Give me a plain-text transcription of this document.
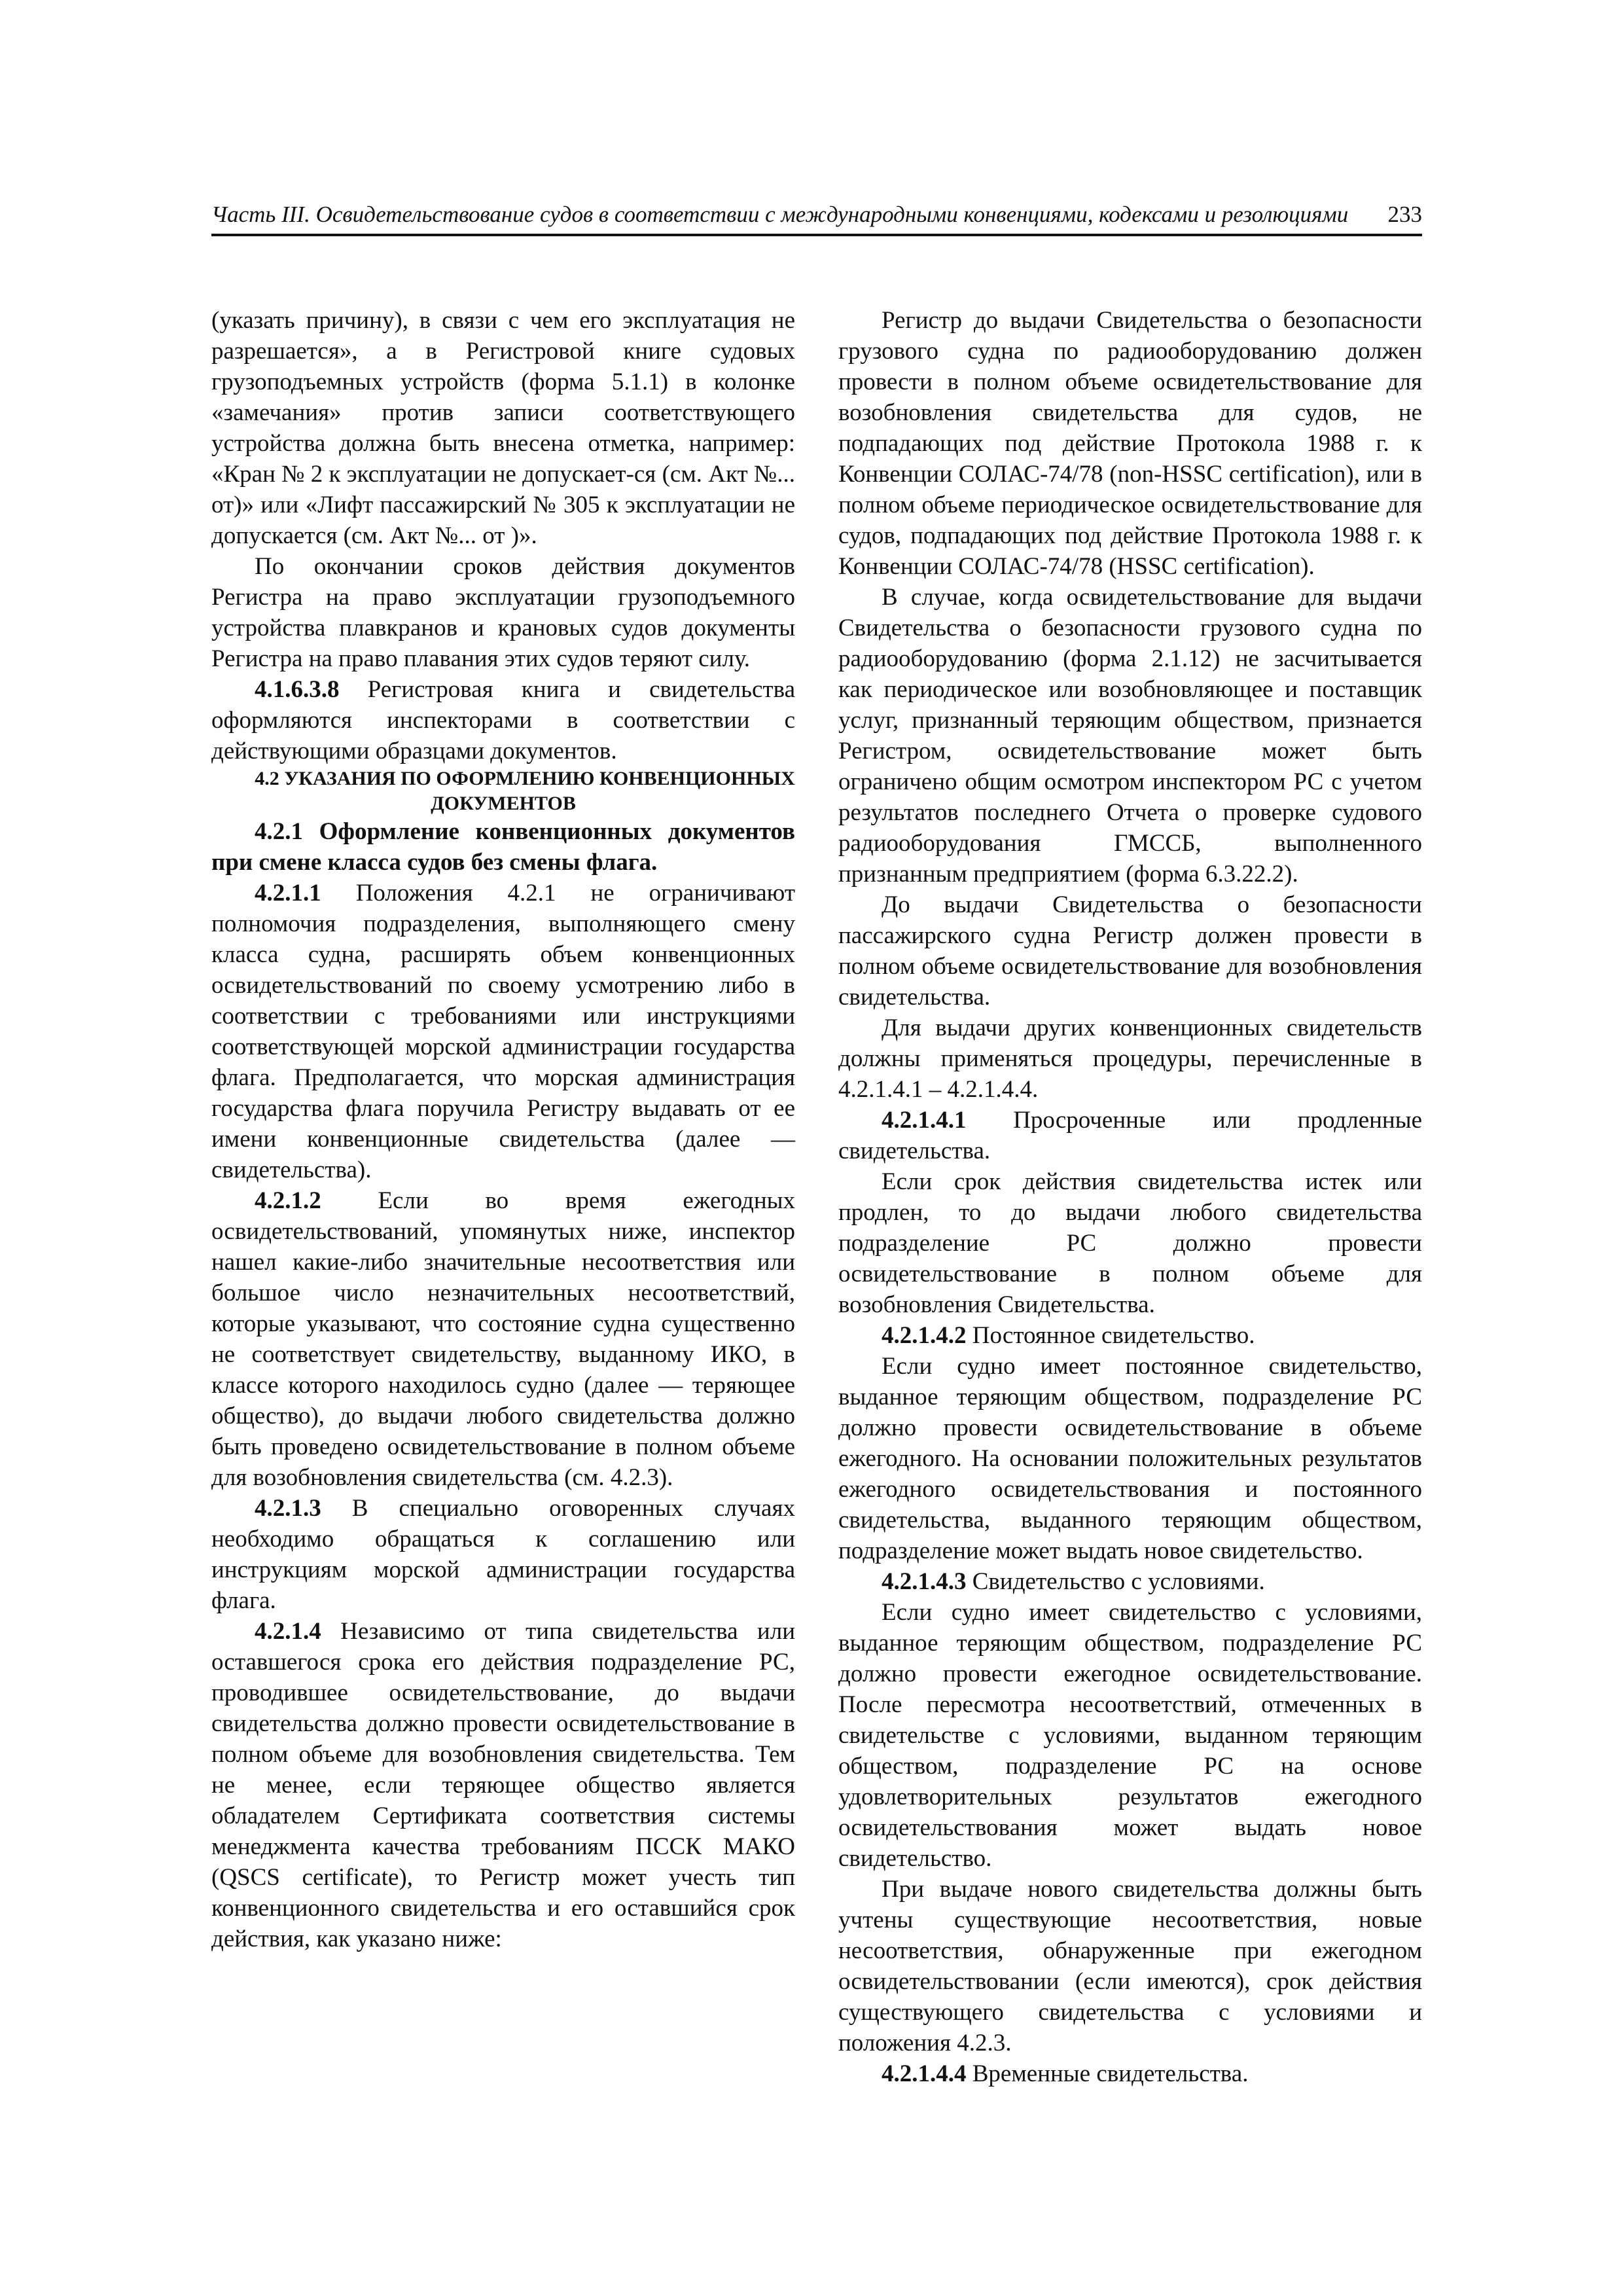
Часть III. Освидетельствование судов в соответствии с международными конвенциями, кодексами и резолюциями 233

(указать причину), в связи с чем его эксплуатация не разрешается», а в Регистровой книге судовых грузоподъемных устройств (форма 5.1.1) в колонке «замечания» против записи соответствующего устройства должна быть внесена отметка, например: «Кран № 2 к эксплуатации не допускает-ся (см. Акт №... от)» или «Лифт пассажирский № 305 к эксплуатации не допускается (см. Акт №... от )».

По окончании сроков действия документов Регистра на право эксплуатации грузоподъемного устройства плавкранов и крановых судов документы Регистра на право плавания этих судов теряют силу.

4.1.6.3.8 Регистровая книга и свидетельства оформляются инспекторами в соответствии с действующими образцами документов.

4.2 УКАЗАНИЯ ПО ОФОРМЛЕНИЮ КОНВЕНЦИОННЫХ ДОКУМЕНТОВ

4.2.1 Оформление конвенционных документов при смене класса судов без смены флага.

4.2.1.1 Положения 4.2.1 не ограничивают полномочия подразделения, выполняющего смену класса судна, расширять объем конвенционных освидетельствований по своему усмотрению либо в соответствии с требованиями или инструкциями соответствующей морской администрации государства флага. Предполагается, что морская администрация государства флага поручила Регистру выдавать от ее имени конвенционные свидетельства (далее — свидетельства).

4.2.1.2 Если во время ежегодных освидетельствований, упомянутых ниже, инспектор нашел какие-либо значительные несоответствия или большое число незначительных несоответствий, которые указывают, что состояние судна существенно не соответствует свидетельству, выданному ИКО, в классе которого находилось судно (далее — теряющее общество), до выдачи любого свидетельства должно быть проведено освидетельствование в полном объеме для возобновления свидетельства (см. 4.2.3).

4.2.1.3 В специально оговоренных случаях необходимо обращаться к соглашению или инструкциям морской администрации государства флага.

4.2.1.4 Независимо от типа свидетельства или оставшегося срока его действия подразделение РС, проводившее освидетельствование, до выдачи свидетельства должно провести освидетельствование в полном объеме для возобновления свидетельства. Тем не менее, если теряющее общество является обладателем Сертификата соответствия системы менеджмента качества требованиям ПССК МАКО (QSCS certificate), то Регистр может учесть тип конвенционного свидетельства и его оставшийся срок действия, как указано ниже:

Регистр до выдачи Свидетельства о безопасности грузового судна по радиооборудованию должен провести в полном объеме освидетельствование для возобновления свидетельства для судов, не подпадающих под действие Протокола 1988 г. к Конвенции СОЛАС-74/78 (non-HSSC certification), или в полном объеме периодическое освидетельствование для судов, подпадающих под действие Протокола 1988 г. к Конвенции СОЛАС-74/78 (HSSC certification).

В случае, когда освидетельствование для выдачи Свидетельства о безопасности грузового судна по радиооборудованию (форма 2.1.12) не засчитывается как периодическое или возобновляющее и поставщик услуг, признанный теряющим обществом, признается Регистром, освидетельствование может быть ограничено общим осмотром инспектором РС с учетом результатов последнего Отчета о проверке судового радиооборудования ГМССБ, выполненного признанным предприятием (форма 6.3.22.2).

До выдачи Свидетельства о безопасности пассажирского судна Регистр должен провести в полном объеме освидетельствование для возобновления свидетельства.

Для выдачи других конвенционных свидетельств должны применяться процедуры, перечисленные в 4.2.1.4.1 – 4.2.1.4.4.

4.2.1.4.1 Просроченные или продленные свидетельства.

Если срок действия свидетельства истек или продлен, то до выдачи любого свидетельства подразделение РС должно провести освидетельствование в полном объеме для возобновления Свидетельства.

4.2.1.4.2 Постоянное свидетельство.

Если судно имеет постоянное свидетельство, выданное теряющим обществом, подразделение РС должно провести освидетельствование в объеме ежегодного. На основании положительных результатов ежегодного освидетельствования и постоянного свидетельства, выданного теряющим обществом, подразделение может выдать новое свидетельство.

4.2.1.4.3 Свидетельство с условиями.

Если судно имеет свидетельство с условиями, выданное теряющим обществом, подразделение РС должно провести ежегодное освидетельствование. После пересмотра несоответствий, отмеченных в свидетельстве с условиями, выданном теряющим обществом, подразделение РС на основе удовлетворительных результатов ежегодного освидетельствования может выдать новое свидетельство.

При выдаче нового свидетельства должны быть учтены существующие несоответствия, новые несоответствия, обнаруженные при ежегодном освидетельствовании (если имеются), срок действия существующего свидетельства с условиями и положения 4.2.3.

4.2.1.4.4 Временные свидетельства.
